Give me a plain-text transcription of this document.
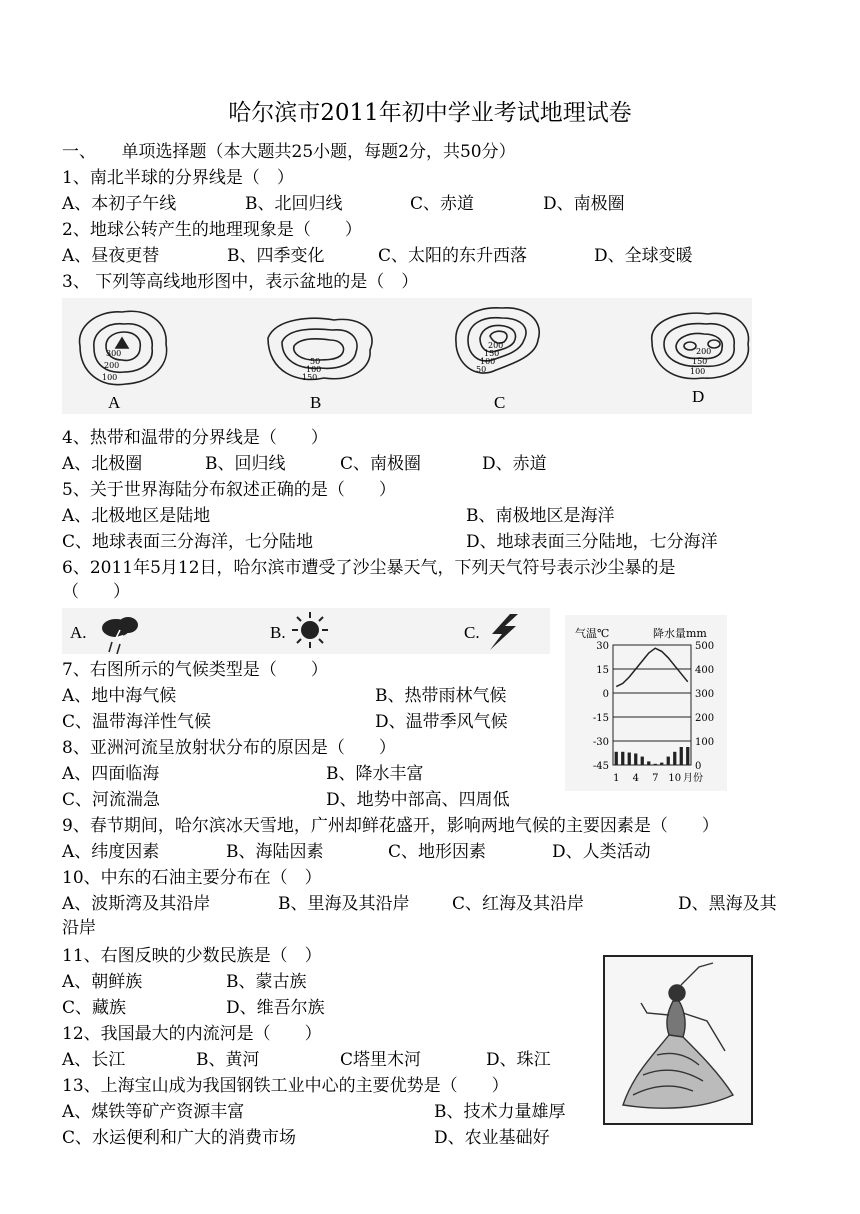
哈尔滨市2011年初中学业考试地理试卷
一、　　单项选择题（本大题共25小题，每题2分，共50分）
1、南北半球的分界线是（　）
A、本初子午线	B、北回归线	C、赤道	D、南极圈
2、地球公转产生的地理现象是（　　）
A、昼夜更替	B、四季变化	C、太阳的东升西落	D、全球变暖
3、 下列等高线地形图中，表示盆地的是（　）
300
200
100
A
50
100
150
B
200
150
100
50
C
200
150
100
D
4、热带和温带的分界线是（　　）
A、北极圈	B、回归线	C、南极圈	D、赤道
5、关于世界海陆分布叙述正确的是（　　）
A、北极地区是陆地	B、南极地区是海洋
C、地球表面三分海洋，七分陆地	D、地球表面三分陆地，七分海洋
6、2011年5月12日，哈尔滨市遭受了沙尘暴天气，下列天气符号表示沙尘暴的是
（　　）
A.	B.	C.	气温℃	降水量mm
30
15
0
-15
-30
-45
500
400
300
200
100
0
1 4 7 10 月份
7、右图所示的气候类型是（　　）
A、地中海气候	B、热带雨林气候
C、温带海洋性气候	D、温带季风气候
8、亚洲河流呈放射状分布的原因是（　　）
A、四面临海	B、降水丰富
C、河流湍急	D、地势中部高、四周低
9、春节期间，哈尔滨冰天雪地，广州却鲜花盛开，影响两地气候的主要因素是（　　）
A、纬度因素	B、海陆因素	C、地形因素	D、人类活动
10、中东的石油主要分布在（　）
A、波斯湾及其沿岸	B、里海及其沿岸	C、红海及其沿岸	D、黑海及其
沿岸
11、右图反映的少数民族是（　）
A、朝鲜族	B、蒙古族
C、藏族	D、维吾尔族
12、我国最大的内流河是（　　）
A、长江	B、黄河	C塔里木河	D、珠江
13、上海宝山成为我国钢铁工业中心的主要优势是（　　）
A、煤铁等矿产资源丰富	B、技术力量雄厚
C、水运便利和广大的消费市场	D、农业基础好
